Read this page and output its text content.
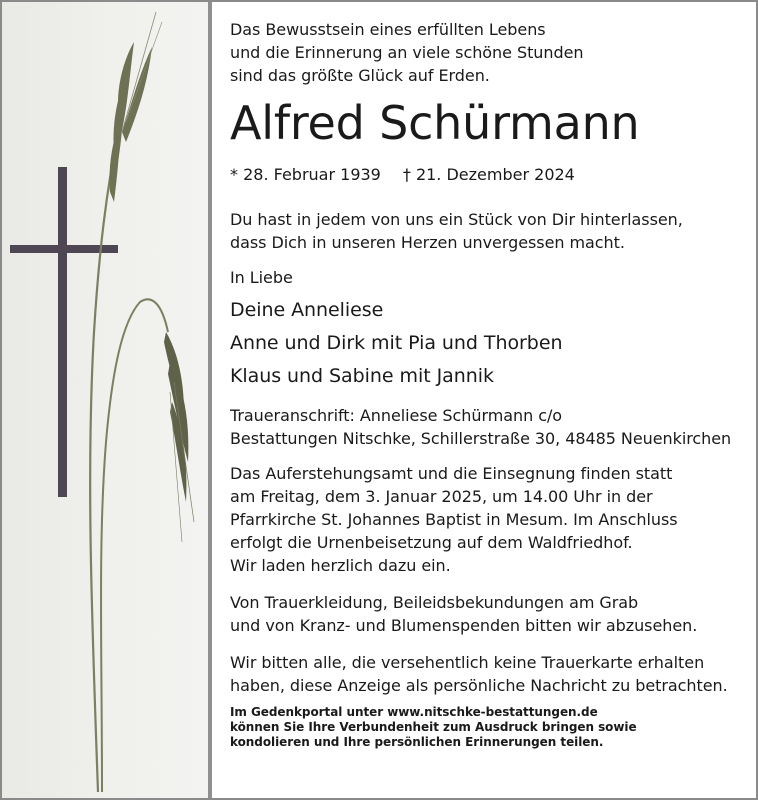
Das Bewusstsein eines erfüllten Lebens

und die Erinnerung an viele schöne Stunden

sind das größte Glück auf Erden.

Alfred Schürmann
* 28. Februar 1939 † 21. Dezember 2024

Du hast in jedem von uns ein Stück von Dir hinterlassen,

dass Dich in unseren Herzen unvergessen macht.

In Liebe

Deine Anneliese

Anne und Dirk mit Pia und Thorben

Klaus und Sabine mit Jannik

Traueranschrift: Anneliese Schürmann c/o

Bestattungen Nitschke, Schillerstraße 30, 48485 Neuenkirchen

Das Auferstehungsamt und die Einsegnung finden statt

am Freitag, dem 3. Januar 2025, um 14.00 Uhr in der

Pfarrkirche St. Johannes Baptist in Mesum. Im Anschluss

erfolgt die Urnenbeisetzung auf dem Waldfriedhof.

Wir laden herzlich dazu ein.

Von Trauerkleidung, Beileidsbekundungen am Grab

und von Kranz- und Blumenspenden bitten wir abzusehen.

Wir bitten alle, die versehentlich keine Trauerkarte erhalten

haben, diese Anzeige als persönliche Nachricht zu betrachten.

Im Gedenkportal unter www.nitschke-bestattungen.de

können Sie Ihre Verbundenheit zum Ausdruck bringen sowie

kondolieren und Ihre persönlichen Erinnerungen teilen.
